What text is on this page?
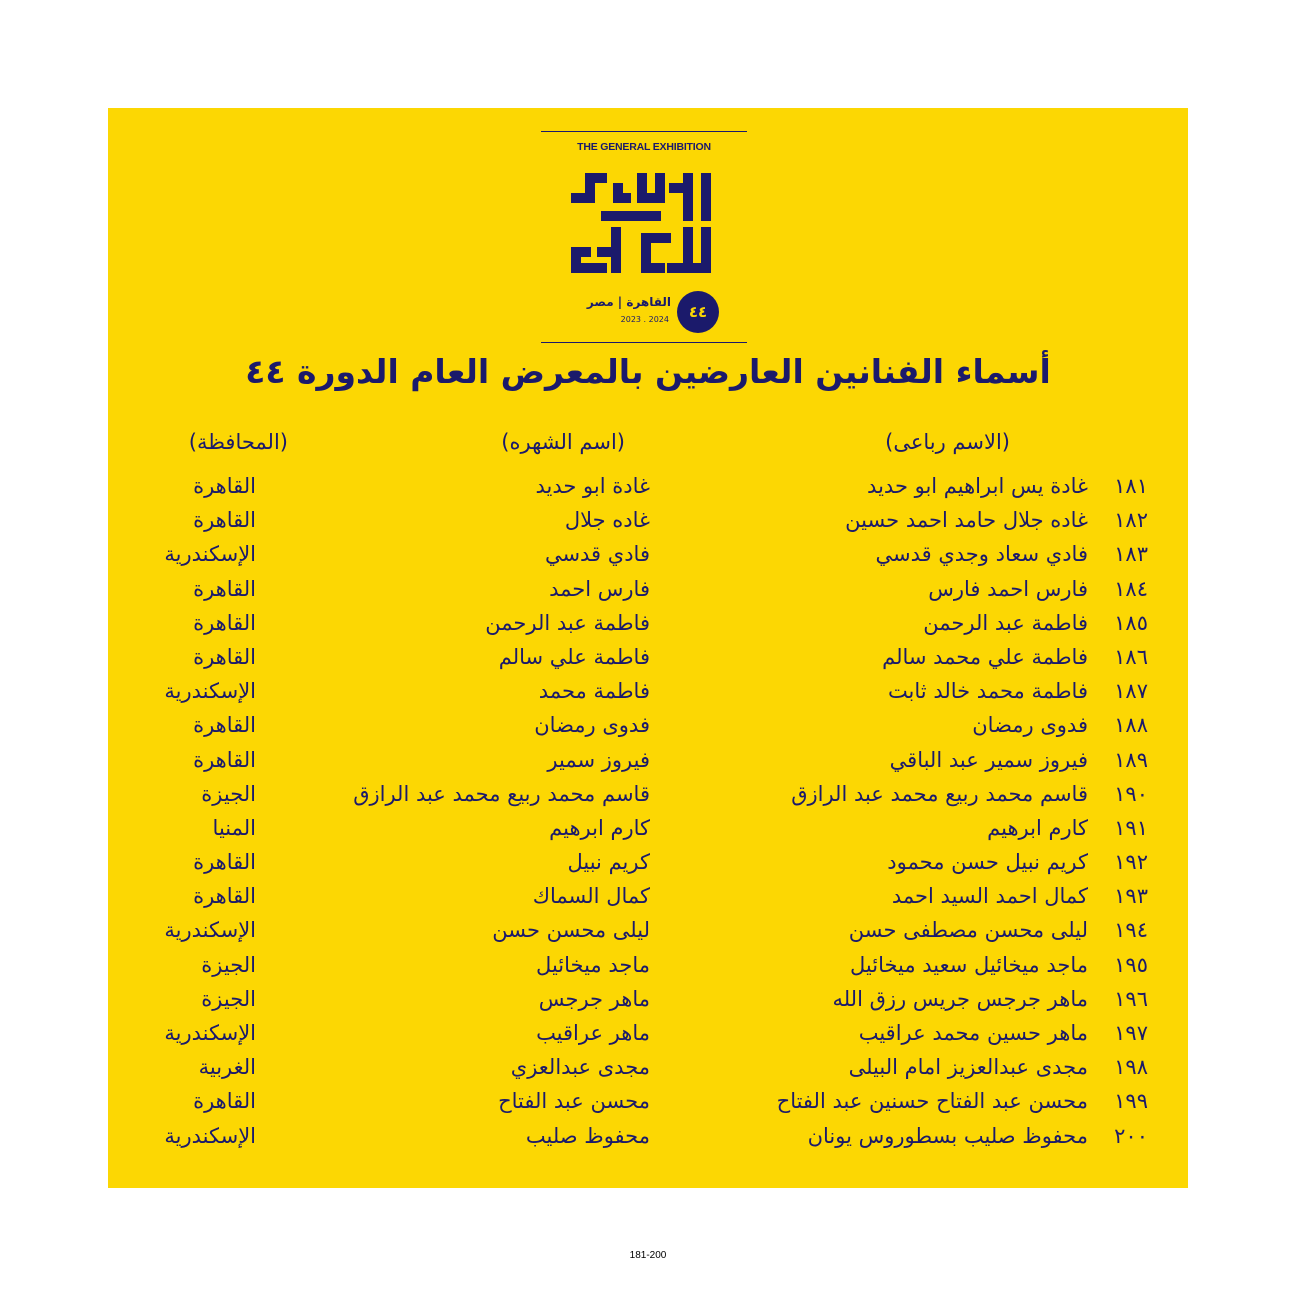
THE GENERAL EXHIBITION
٤٤
القاهرة | مصر
2023 . 2024
أسماء الفنانين العارضين بالمعرض العام الدورة ٤٤
(الاسم رباعى)
(اسم الشهره)
(المحافظة)
١٨١
غادة يس ابراهيم ابو حديد
غادة ابو حديد
القاهرة
١٨٢
غاده جلال حامد احمد حسين
غاده جلال
القاهرة
١٨٣
فادي سعاد وجدي قدسي
فادي قدسي
الإسكندرية
١٨٤
فارس احمد فارس
فارس احمد
القاهرة
١٨٥
فاطمة عبد الرحمن
فاطمة عبد الرحمن
القاهرة
١٨٦
فاطمة علي محمد سالم
فاطمة علي سالم
القاهرة
١٨٧
فاطمة محمد خالد ثابت
فاطمة محمد
الإسكندرية
١٨٨
فدوى رمضان
فدوى رمضان
القاهرة
١٨٩
فيروز سمير عبد الباقي
فيروز سمير
القاهرة
١٩٠
قاسم محمد ربيع محمد عبد الرازق
قاسم محمد ربيع محمد عبد الرازق
الجيزة
١٩١
كارم ابرهيم
كارم ابرهيم
المنيا
١٩٢
كريم نبيل حسن محمود
كريم نبيل
القاهرة
١٩٣
كمال احمد السيد احمد
كمال السماك
القاهرة
١٩٤
ليلى محسن مصطفى حسن
ليلى محسن حسن
الإسكندرية
١٩٥
ماجد ميخائيل سعيد ميخائيل
ماجد ميخائيل
الجيزة
١٩٦
ماهر جرجس جريس رزق الله
ماهر جرجس
الجيزة
١٩٧
ماهر حسين محمد عراقيب
ماهر عراقيب
الإسكندرية
١٩٨
مجدى عبدالعزيز امام البيلى
مجدى عبدالعزي
الغربية
١٩٩
محسن عبد الفتاح حسنين عبد الفتاح
محسن عبد الفتاح
القاهرة
٢٠٠
محفوظ صليب بسطوروس يونان
محفوظ صليب
الإسكندرية
181-200
